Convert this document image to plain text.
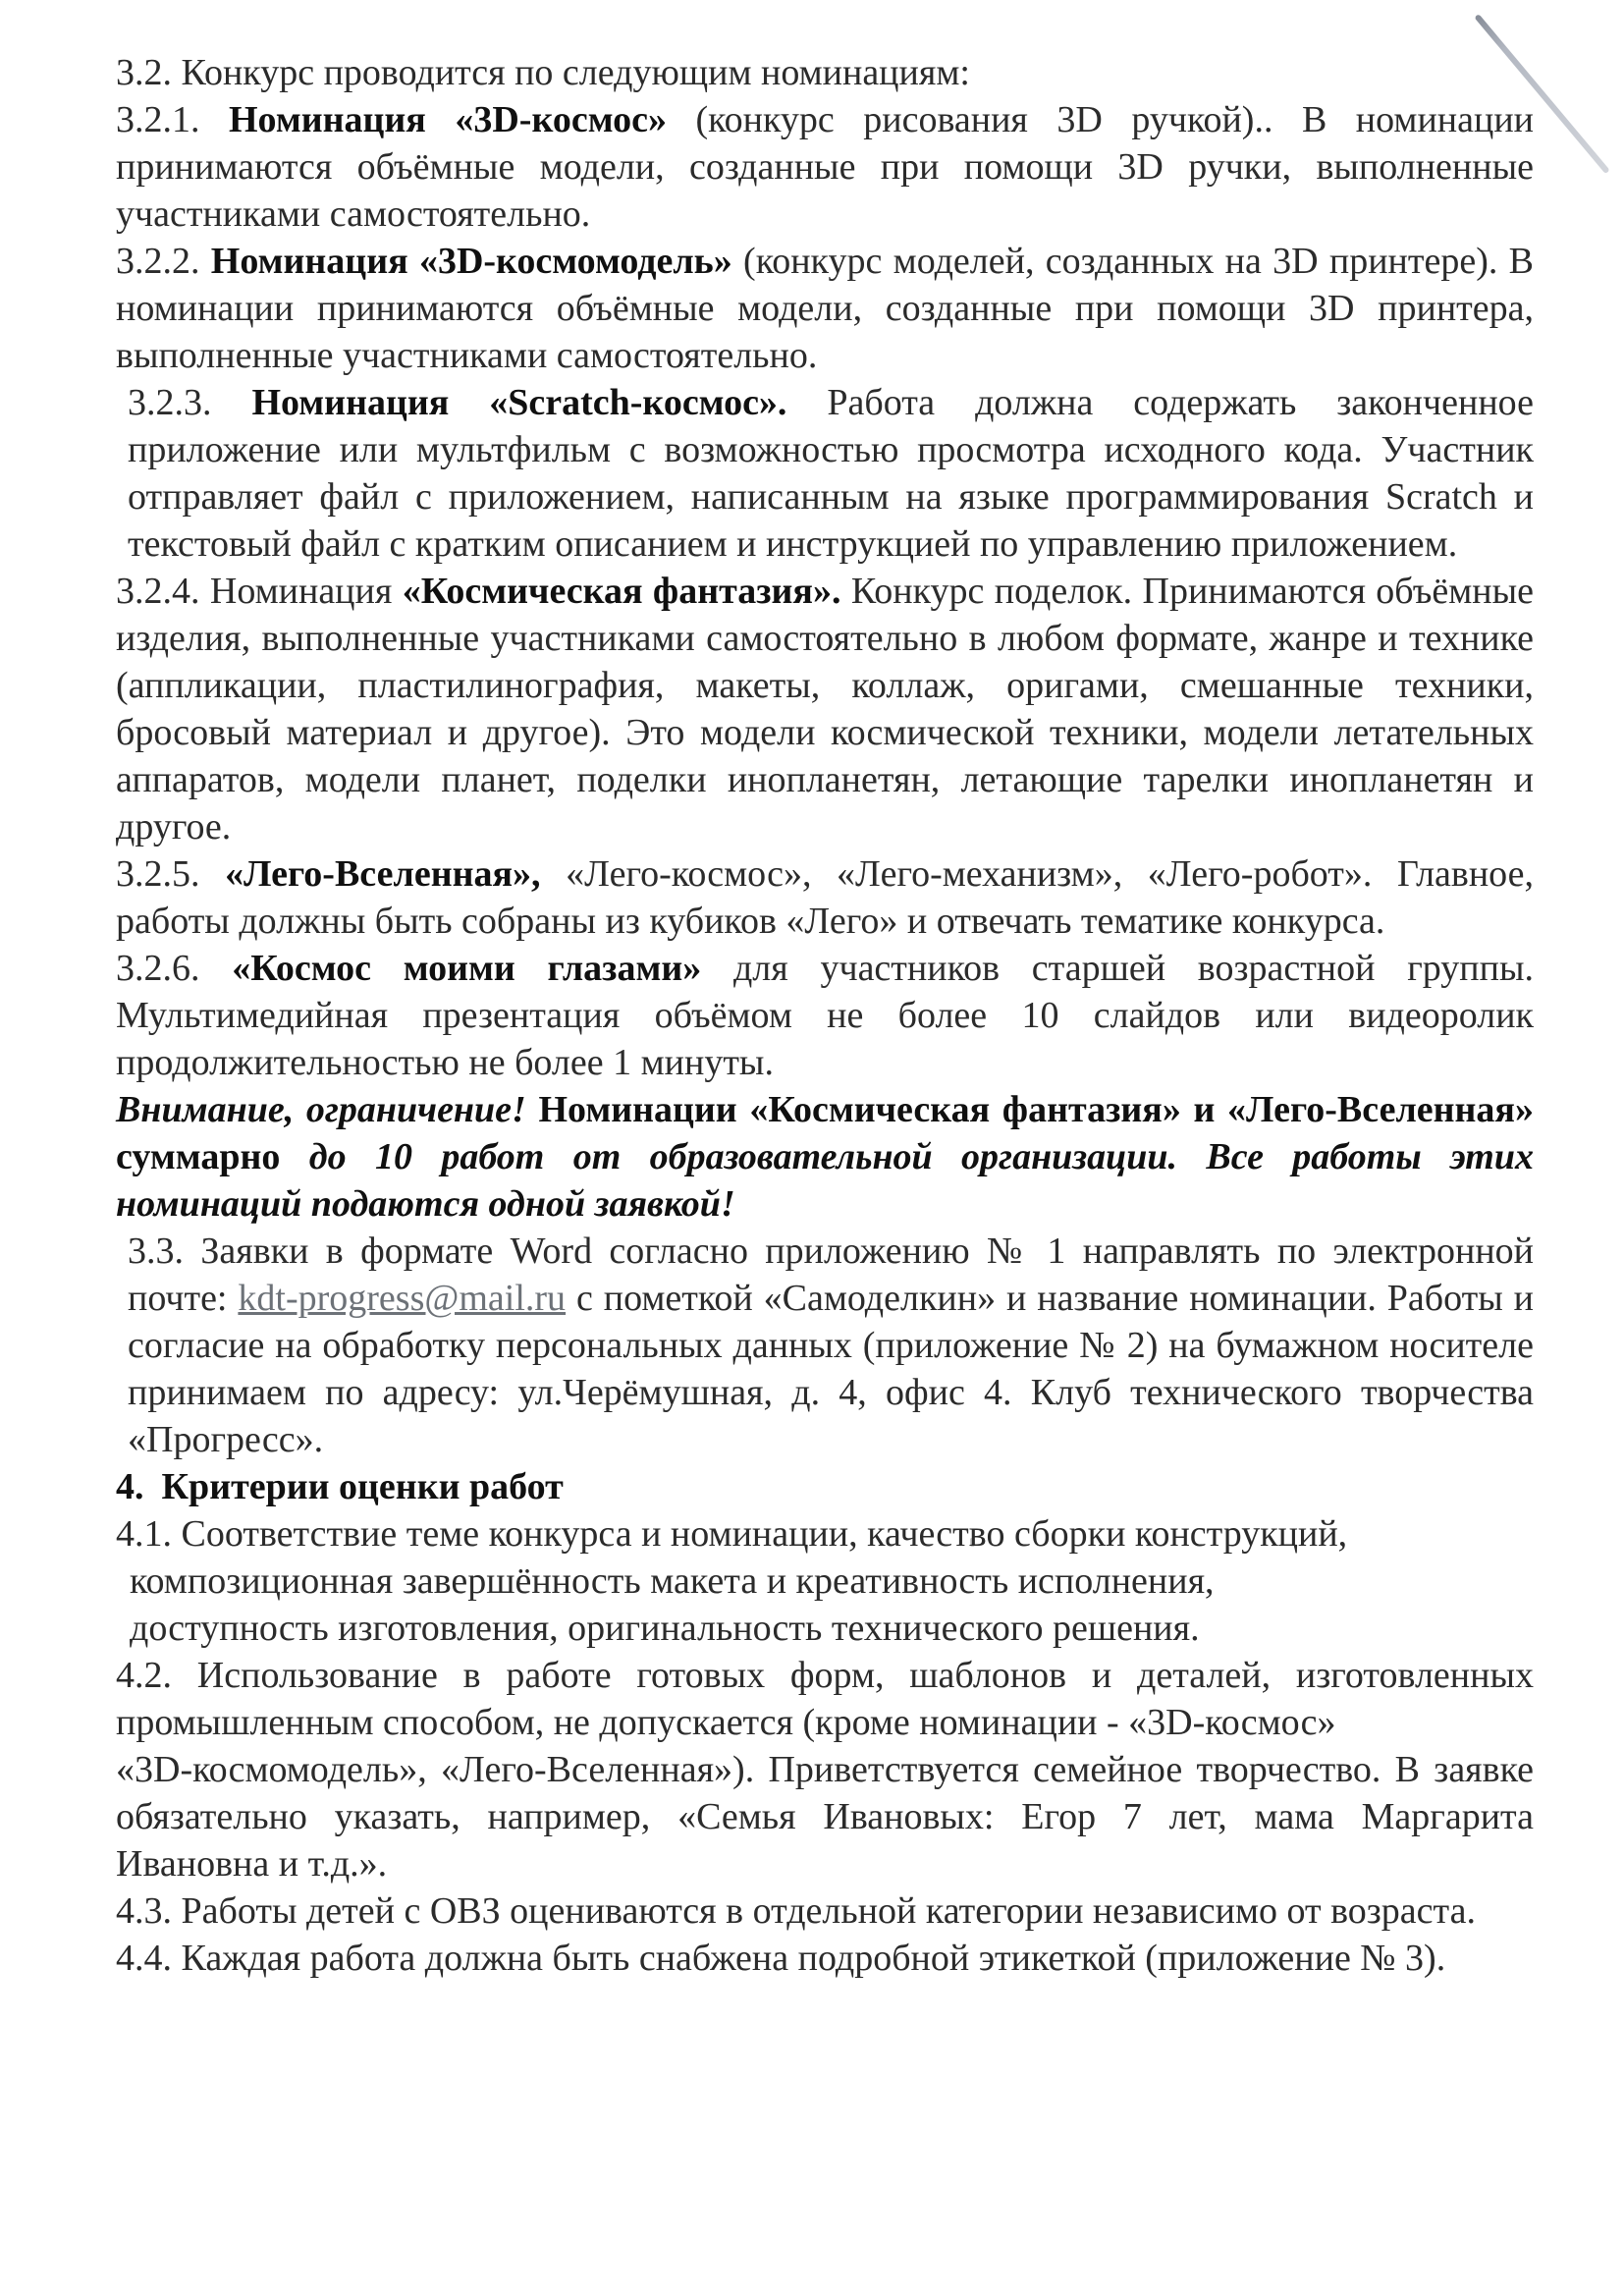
3.2. Конкурс проводится по следующим номинациям:

3.2.1. Номинация «3D-космос» (конкурс рисования 3D ручкой).. В номинации принимаются объёмные модели, созданные при помощи 3D ручки, выполненные участниками самостоятельно.

3.2.2. Номинация «3D-космомодель» (конкурс моделей, созданных на 3D принтере). В номинации принимаются объёмные модели, созданные при помощи 3D принтера, выполненные участниками самостоятельно.

3.2.3. Номинация «Scratch-космос». Работа должна содержать законченное приложение или мультфильм с возможностью просмотра исходного кода. Участник отправляет файл с приложением, написанным на языке программирования Scratch и текстовый файл с кратким описанием и инструкцией по управлению приложением.

3.2.4. Номинация «Космическая фантазия». Конкурс поделок. Принимаются объёмные изделия, выполненные участниками самостоятельно в любом формате, жанре и технике (аппликации, пластилинография, макеты, коллаж, оригами, смешанные техники, бросовый материал и другое). Это модели космической техники, модели летательных аппаратов, модели планет, поделки инопланетян, летающие тарелки инопланетян и другое.

3.2.5. «Лего-Вселенная», «Лего-космос», «Лего-механизм», «Лего-робот». Главное, работы должны быть собраны из кубиков «Лего» и отвечать тематике конкурса.

3.2.6. «Космос моими глазами» для участников старшей возрастной группы. Мультимедийная презентация объёмом не более 10 слайдов или видеоролик продолжительностью не более 1 минуты.

Внимание, ограничение! Номинации «Космическая фантазия» и «Лего-Вселенная» суммарно до 10 работ от образовательной организации. Все работы этих номинаций подаются одной заявкой!

3.3. Заявки в формате Word согласно приложению № 1 направлять по электронной почте: kdt-progress@mail.ru с пометкой «Самоделкин» и название номинации. Работы и согласие на обработку персональных данных (приложение № 2) на бумажном носителе принимаем по адресу: ул.Черёмушная, д. 4, офис 4. Клуб технического творчества «Прогресс».

4. Критерии оценки работ

4.1. Соответствие теме конкурса и номинации, качество сборки конструкций,
композиционная завершённость макета и креативность исполнения,
доступность изготовления, оригинальность технического решения.

4.2. Использование в работе готовых форм, шаблонов и деталей, изготовленных промышленным способом, не допускается (кроме номинации - «3D-космос»

«3D-космомодель», «Лего-Вселенная»). Приветствуется семейное творчество. В заявке обязательно указать, например, «Семья Ивановых: Егор 7 лет, мама Маргарита Ивановна и т.д.».

4.3. Работы детей с ОВЗ оцениваются в отдельной категории независимо от возраста.

4.4. Каждая работа должна быть снабжена подробной этикеткой (приложение № 3).
